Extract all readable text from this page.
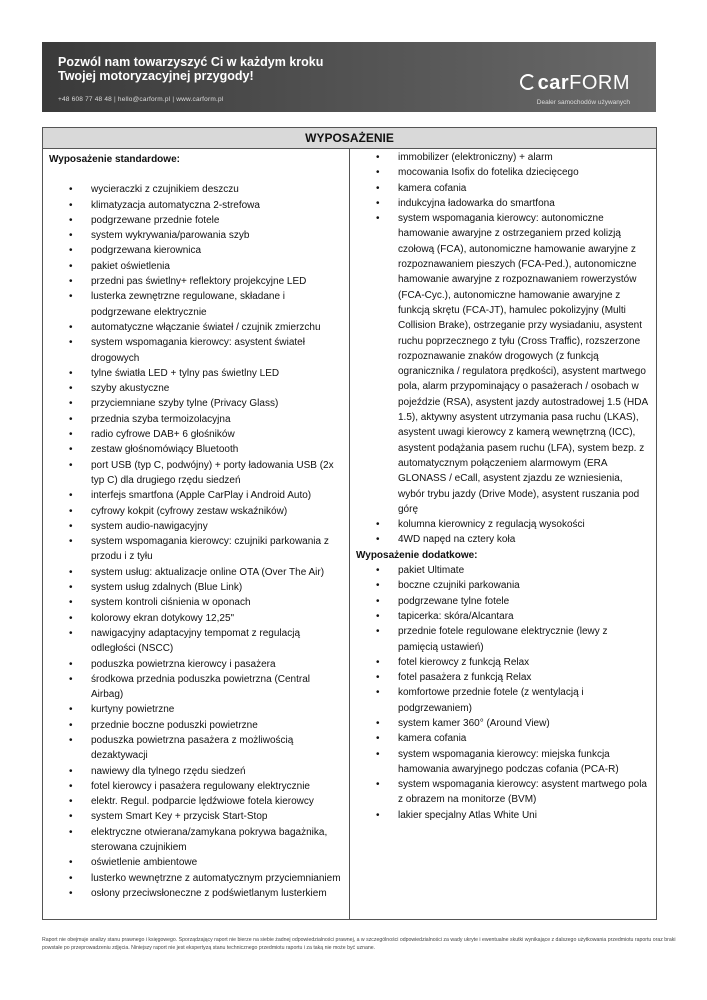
Pozwól nam towarzyszyć Ci w każdym kroku
Twojej motoryzacyjnej przygody!
+48 608 77 48 48 | hello@carform.pl | www.carform.pl
carFORM
Dealer samochodów używanych
WYPOSAŻENIE
Wyposażenie standardowe:
• wycieraczki z czujnikiem deszczu
• klimatyzacja automatyczna 2-strefowa
• podgrzewane przednie fotele
• system wykrywania/parowania szyb
• podgrzewana kierownica
• pakiet oświetlenia
• przedni pas świetlny+ reflektory projekcyjne LED
• lusterka zewnętrzne regulowane, składane i podgrzewane elektrycznie
• automatyczne włączanie świateł / czujnik zmierzchu
• system wspomagania kierowcy: asystent świateł drogowych
• tylne światła LED + tylny pas świetlny LED
• szyby akustyczne
• przyciemniane szyby tylne (Privacy Glass)
• przednia szyba termoizolacyjna
• radio cyfrowe DAB+ 6 głośników
• zestaw głośnomówiący Bluetooth
• port USB (typ C, podwójny) + porty ładowania USB (2x typ C) dla drugiego rzędu siedzeń
• interfejs smartfona (Apple CarPlay i Android Auto)
• cyfrowy kokpit (cyfrowy zestaw wskaźników)
• system audio-nawigacyjny
• system wspomagania kierowcy: czujniki parkowania z przodu i z tyłu
• system usług: aktualizacje online OTA (Over The Air)
• system usług zdalnych (Blue Link)
• system kontroli ciśnienia w oponach
• kolorowy ekran dotykowy 12,25"
• nawigacyjny adaptacyjny tempomat z regulacją odległości (NSCC)
• poduszka powietrzna kierowcy i pasażera
• środkowa przednia poduszka powietrzna (Central Airbag)
• kurtyny powietrzne
• przednie boczne poduszki powietrzne
• poduszka powietrzna pasażera z możliwością dezaktywacji
• nawiewy dla tylnego rzędu siedzeń
• fotel kierowcy i pasażera regulowany elektrycznie
• elektr. Regul. podparcie lędźwiowe fotela kierowcy
• system Smart Key + przycisk Start-Stop
• elektryczne otwierana/zamykana pokrywa bagażnika, sterowana czujnikiem
• oświetlenie ambientowe
• lusterko wewnętrzne z automatycznym przyciemnianiem
• osłony przeciwsłoneczne z podświetlanym lusterkiem
• immobilizer (elektroniczny) + alarm
• mocowania Isofix do fotelika dziecięcego
• kamera cofania
• indukcyjna ładowarka do smartfona
• system wspomagania kierowcy: autonomiczne hamowanie awaryjne z ostrzeganiem przed kolizją czołową (FCA), autonomiczne hamowanie awaryjne z rozpoznawaniem pieszych (FCA-Ped.), autonomiczne hamowanie awaryjne z rozpoznawaniem rowerzystów (FCA-Cyc.), autonomiczne hamowanie awaryjne z funkcją skrętu (FCA-JT), hamulec pokolizyjny (Multi Collision Brake), ostrzeganie przy wysiadaniu, asystent ruchu poprzecznego z tyłu (Cross Traffic), rozszerzone rozpoznawanie znaków drogowych (z funkcją ogranicznika / regulatora prędkości), asystent martwego pola, alarm przypominający o pasażerach / osobach w pojeździe (RSA), asystent jazdy autostradowej 1.5 (HDA 1.5), aktywny asystent utrzymania pasa ruchu (LKAS), asystent uwagi kierowcy z kamerą wewnętrzną (ICC), asystent podążania pasem ruchu (LFA), system bezp. z automatycznym połączeniem alarmowym (ERA GLONASS / eCall, asystent zjazdu ze wzniesienia, wybór trybu jazdy (Drive Mode), asystent ruszania pod górę
• kolumna kierownicy z regulacją wysokości
• 4WD napęd na cztery koła
Wyposażenie dodatkowe:
• pakiet Ultimate
• boczne czujniki parkowania
• podgrzewane tylne fotele
• tapicerka: skóra/Alcantara
• przednie fotele regulowane elektrycznie (lewy z pamięcią ustawień)
• fotel kierowcy z funkcją Relax
• fotel pasażera z funkcją Relax
• komfortowe przednie fotele (z wentylacją i podgrzewaniem)
• system kamer 360° (Around View)
• kamera cofania
• system wspomagania kierowcy: miejska funkcja hamowania awaryjnego podczas cofania (PCA-R)
• system wspomagania kierowcy: asystent martwego pola z obrazem na monitorze (BVM)
• lakier specjalny Atlas White Uni
Raport nie obejmuje analizy stanu prawnego i księgowego. Sporządzający raport nie bierze na siebie żadnej odpowiedzialności prawnej, a w szczególności odpowiedzialności za wady ukryte i ewentualne skutki wynikające z dalszego użytkowania przedmiotu raportu oraz braki powstałe po przeprowadzeniu zdjęcia. Niniejszy raport nie jest ekspertyzą stanu technicznego przedmiotu raportu i za taką nie może być uznane.
